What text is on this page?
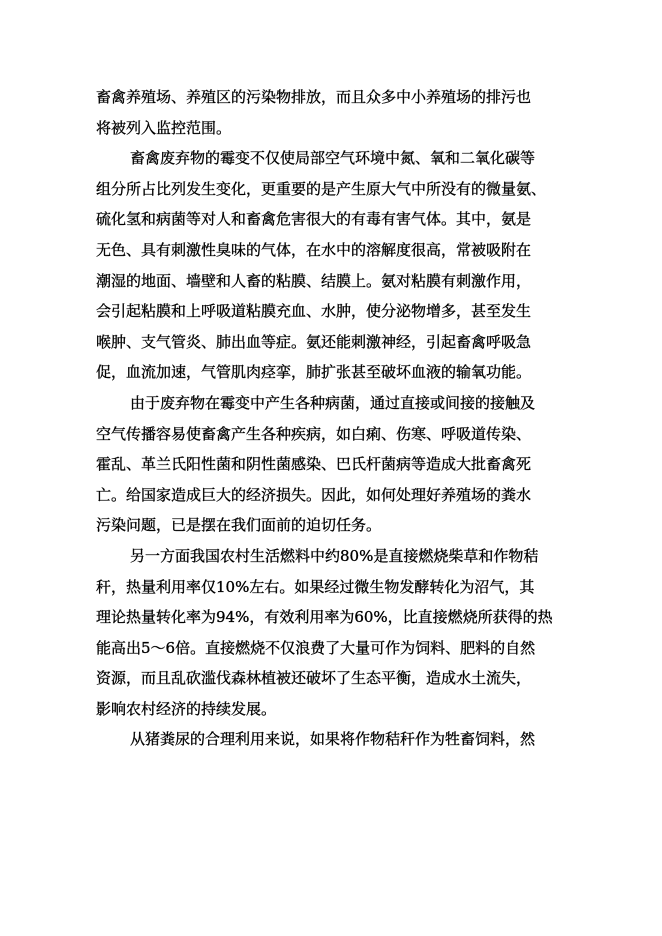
畜禽养殖场、养殖区的污染物排放，而且众多中小养殖场的排污也
将被列入监控范围。
畜禽废弃物的霉变不仅使局部空气环境中氮、氧和二氧化碳等
组分所占比列发生变化，更重要的是产生原大气中所没有的微量氨、
硫化氢和病菌等对人和畜禽危害很大的有毒有害气体。其中，氨是
无色、具有刺激性臭味的气体，在水中的溶解度很高，常被吸附在
潮湿的地面、墙壁和人畜的粘膜、结膜上。氨对粘膜有刺激作用，
会引起粘膜和上呼吸道粘膜充血、水肿，使分泌物增多，甚至发生
喉肿、支气管炎、肺出血等症。氨还能刺激神经，引起畜禽呼吸急
促，血流加速，气管肌肉痉挛，肺扩张甚至破坏血液的输氧功能。
由于废弃物在霉变中产生各种病菌，通过直接或间接的接触及
空气传播容易使畜禽产生各种疾病，如白痢、伤寒、呼吸道传染、
霍乱、革兰氏阳性菌和阴性菌感染、巴氏杆菌病等造成大批畜禽死
亡。给国家造成巨大的经济损失。因此，如何处理好养殖场的粪水
污染问题，已是摆在我们面前的迫切任务。
另一方面我国农村生活燃料中约80%是直接燃烧柴草和作物秸
秆，热量利用率仅10%左右。如果经过微生物发酵转化为沼气，其
理论热量转化率为94%，有效利用率为60%，比直接燃烧所获得的热
能高出5～6倍。直接燃烧不仅浪费了大量可作为饲料、肥料的自然
资源，而且乱砍滥伐森林植被还破坏了生态平衡，造成水土流失，
影响农村经济的持续发展。
从猪粪尿的合理利用来说，如果将作物秸秆作为牲畜饲料，然
